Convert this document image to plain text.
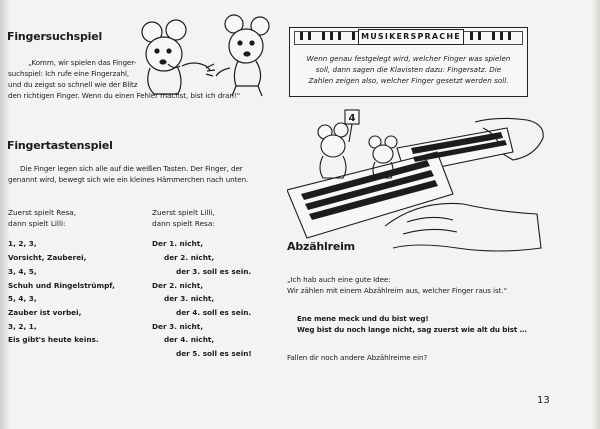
Fingersuchspiel
„Komm, wir spielen das Finger-
suchspiel: Ich rufe eine Fingerzahl,
und du zeigst so schnell wie der Blitz
den richtigen Finger. Wenn du einen Fehler machst, bist ich dran!“
Fingertastenspiel
Die Finger legen sich alle auf die weißen Tasten. Der Finger, der
genannt wird, bewegt sich wie ein kleines Hämmerchen nach unten.
Zuerst spielt Resa,
dann spielt Lilli:
1, 2, 3,
Vorsicht, Zauberei,
3, 4, 5,
Schuh und Ringelstrümpf,
5, 4, 3,
Zauber ist vorbei,
3, 2, 1,
Eis gibt's heute keins.
Zuerst spielt Lilli,
dann spielt Resa:
Der 1. nicht,
der 2. nicht,
der 3. soll es sein.
Der 2. nicht,
der 3. nicht,
der 4. soll es sein.
Der 3. nicht,
der 4. nicht,
der 5. soll es sein!
MUSIKERSPRACHE
Wenn genau festgelegt wird, welcher Finger was spielen
soll, dann sagen die Klavisten dazu: Fingersatz. Die
Zahlen zeigen also, welcher Finger gesetzt werden soll.
4
Abzählreim
„Ich hab auch eine gute Idee:
Wir zählen mit einem Abzählreim aus, welcher Finger raus ist.“
Ene mene meck und du bist weg!
Weg bist du noch lange nicht, sag zuerst wie alt du bist …
Fallen dir noch andere Abzählreime ein?
13
